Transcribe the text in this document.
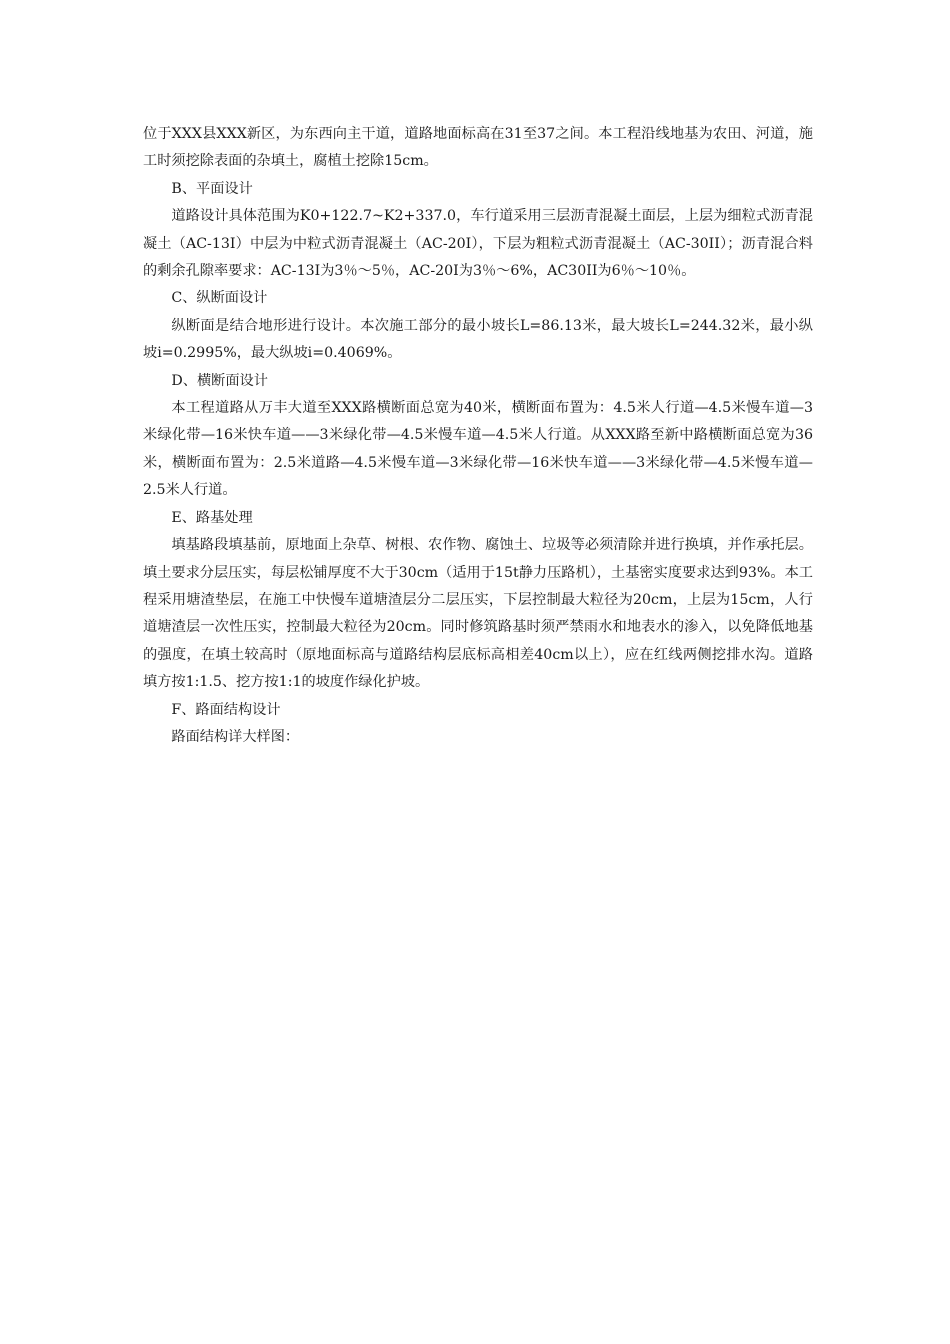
位于XXX县XXX新区，为东西向主干道，道路地面标高在31至37之间。本工程沿线地基为农田、河道，施工时须挖除表面的杂填土，腐植土挖除15cm。

B、平面设计

道路设计具体范围为K0+122.7~K2+337.0，车行道采用三层沥青混凝土面层，上层为细粒式沥青混凝土（AC-13I）中层为中粒式沥青混凝土（AC-20I），下层为粗粒式沥青混凝土（AC-30II）；沥青混合料的剩余孔隙率要求：AC-13I为3％～5％，AC-20I为3％～6%，AC30II为6％～10％。

C、纵断面设计

纵断面是结合地形进行设计。本次施工部分的最小坡长L=86.13米，最大坡长L=244.32米，最小纵坡i=0.2995%，最大纵坡i=0.4069%。

D、横断面设计

本工程道路从万丰大道至XXX路横断面总宽为40米，横断面布置为：4.5米人行道—4.5米慢车道—3米绿化带—16米快车道——3米绿化带—4.5米慢车道—4.5米人行道。从XXX路至新中路横断面总宽为36米，横断面布置为：2.5米道路—4.5米慢车道—3米绿化带—16米快车道——3米绿化带—4.5米慢车道—2.5米人行道。

E、路基处理

填基路段填基前，原地面上杂草、树根、农作物、腐蚀土、垃圾等必须清除并进行换填，并作承托层。填土要求分层压实，每层松铺厚度不大于30cm（适用于15t静力压路机），土基密实度要求达到93%。本工程采用塘渣垫层，在施工中快慢车道塘渣层分二层压实，下层控制最大粒径为20cm，上层为15cm，人行道塘渣层一次性压实，控制最大粒径为20cm。同时修筑路基时须严禁雨水和地表水的渗入，以免降低地基的强度，在填土较高时（原地面标高与道路结构层底标高相差40cm以上），应在红线两侧挖排水沟。道路填方按1:1.5、挖方按1:1的坡度作绿化护坡。

F、路面结构设计

路面结构详大样图：
